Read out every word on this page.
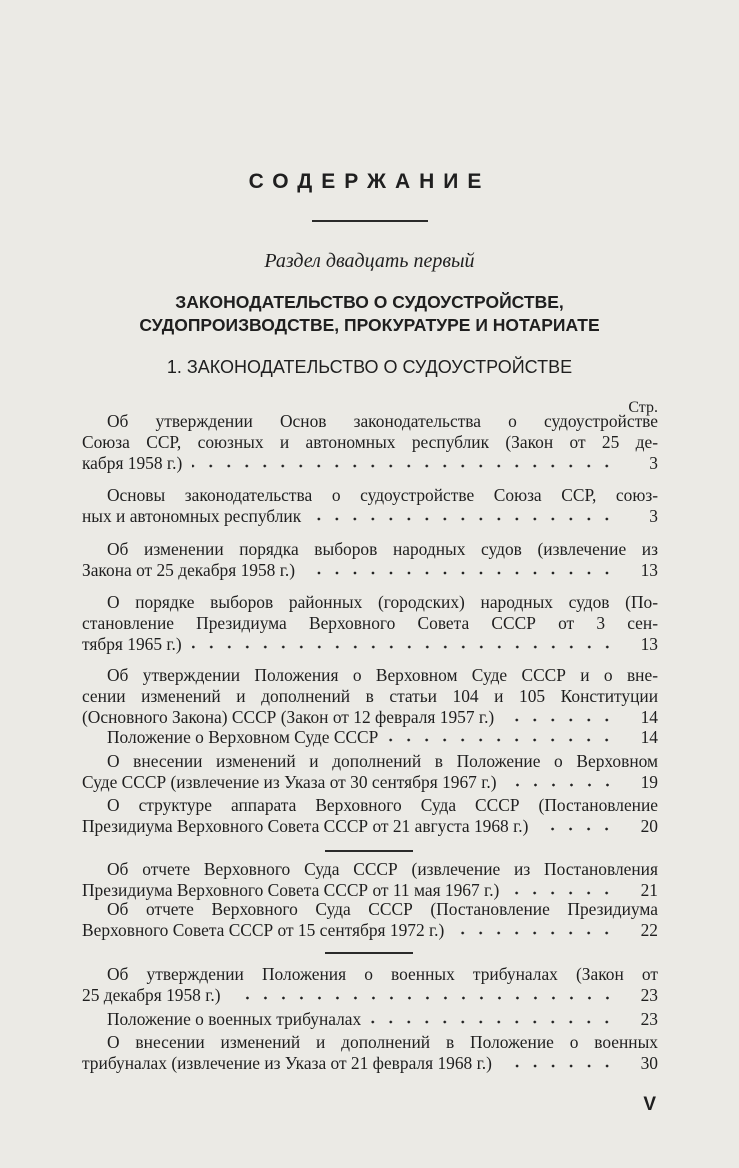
СОДЕРЖАНИЕ
Раздел двадцать первый
ЗАКОНОДАТЕЛЬСТВО О СУДОУСТРОЙСТВЕ,
СУДОПРОИЗВОДСТВЕ, ПРОКУРАТУРЕ И НОТАРИАТЕ
1. ЗАКОНОДАТЕЛЬСТВО О СУДОУСТРОЙСТВЕ
Стр.
Об утверждении Основ законодательства о судоустройстве
Союза ССР, союзных и автономных республик (Закон от 25 де-
кабря 1958 г.)	3
Основы законодательства о судоустройстве Союза ССР, союз-
ных и автономных республик	3
Об изменении порядка выборов народных судов (извлечение из
Закона от 25 декабря 1958 г.)	13
О порядке выборов районных (городских) народных судов (По-
становление Президиума Верховного Совета СССР от 3 сен-
тября 1965 г.)	13
Об утверждении Положения о Верховном Суде СССР и о вне-
сении изменений и дополнений в статьи 104 и 105 Конституции
(Основного Закона) СССР (Закон от 12 февраля 1957 г.)	14
Положение о Верховном Суде СССР	14
О внесении изменений и дополнений в Положение о Верховном
Суде СССР (извлечение из Указа от 30 сентября 1967 г.)	19
О структуре аппарата Верховного Суда СССР (Постановление
Президиума Верховного Совета СССР от 21 августа 1968 г.)	20
Об отчете Верховного Суда СССР (извлечение из Постановления
Президиума Верховного Совета СССР от 11 мая 1967 г.)	21
Об отчете Верховного Суда СССР (Постановление Президиума
Верховного Совета СССР от 15 сентября 1972 г.)	22
Об утверждении Положения о военных трибуналах (Закон от
25 декабря 1958 г.)	23
Положение о военных трибуналах	23
О внесении изменений и дополнений в Положение о военных
трибуналах (извлечение из Указа от 21 февраля 1968 г.)	30
V
